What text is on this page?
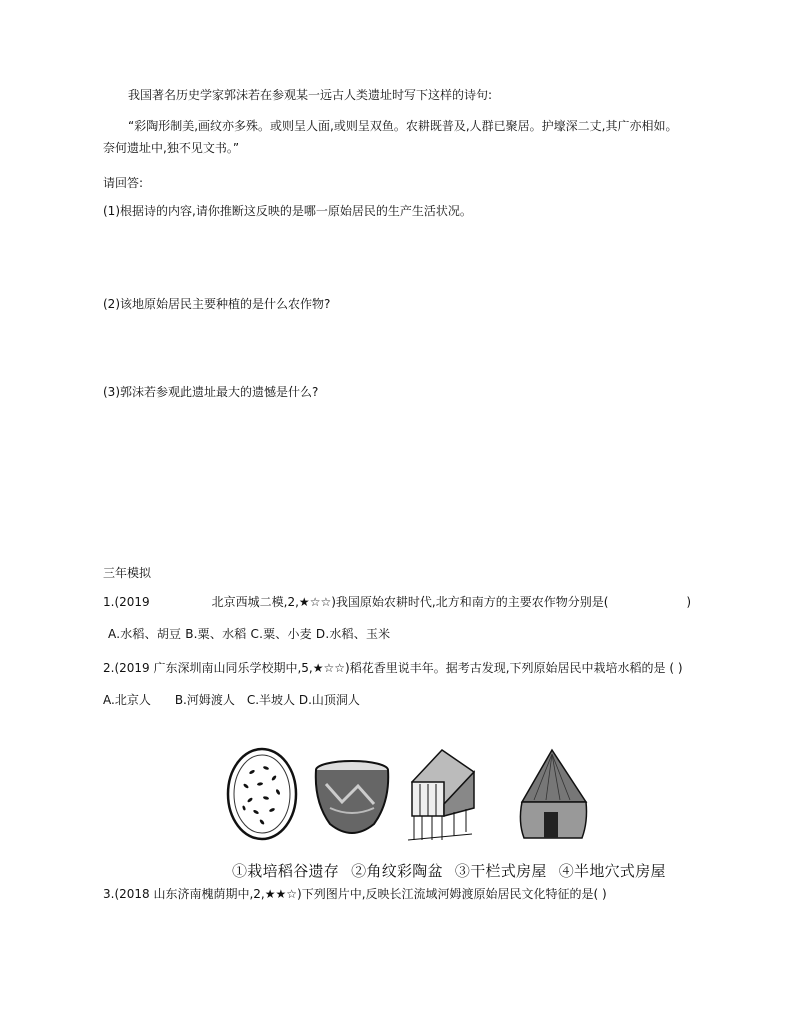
我国著名历史学家郭沫若在参观某一远古人类遗址时写下这样的诗句:
“彩陶形制美,画纹亦多殊。或则呈人面,或则呈双鱼。农耕既普及,人群已聚居。护壕深二丈,其广亦相如。
奈何遗址中,独不见文书。”
请回答:
(1)根据诗的内容,请你推断这反映的是哪一原始居民的生产生活状况。
(2)该地原始居民主要种植的是什么农作物?
(3)郭沫若参观此遗址最大的遗憾是什么?
三年模拟
1.(2019	北京西城二模,2,★☆☆)我国原始农耕时代,北方和南方的主要农作物分别是(	)
A.水稻、胡豆 B.粟、水稻 C.粟、小麦 D.水稻、玉米
2.(2019 广东深圳南山同乐学校期中,5,★☆☆)稻花香里说丰年。据考古发现,下列原始居民中栽培水稻的是 ( )
A.北京人　　B.河姆渡人　C.半坡人 D.山顶洞人
①栽培稻谷遗存 ②角纹彩陶盆 ③干栏式房屋 ④半地穴式房屋
3.(2018 山东济南槐荫期中,2,★★☆)下列图片中,反映长江流域河姆渡原始居民文化特征的是( )
